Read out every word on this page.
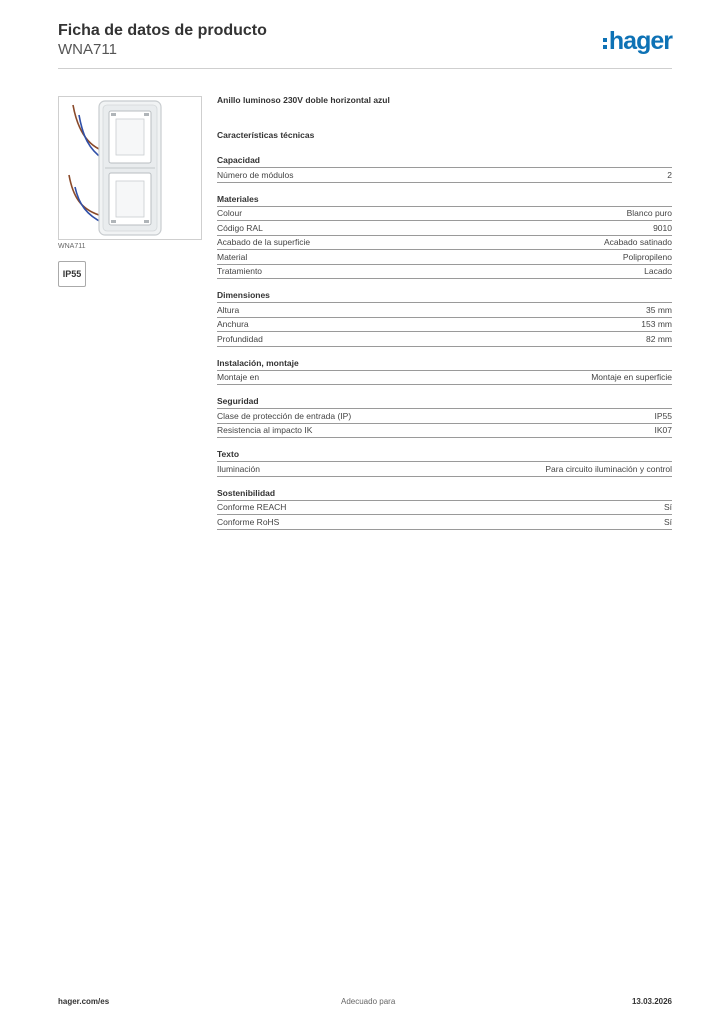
Ficha de datos de producto
WNA711	hager
WNA711
IP55
Anillo luminoso 230V doble horizontal azul
Características técnicas
Capacidad
Número de módulos	2
Materiales
Colour	Blanco puro
Código RAL	9010
Acabado de la superficie	Acabado satinado
Material	Polipropileno
Tratamiento	Lacado
Dimensiones
Altura	35 mm
Anchura	153 mm
Profundidad	82 mm
Instalación, montaje
Montaje en	Montaje en superficie
Seguridad
Clase de protección de entrada (IP)	IP55
Resistencia al impacto IK	IK07
Texto
Iluminación	Para circuito iluminación y control
Sostenibilidad
Conforme REACH	Sí
Conforme RoHS	Sí
hager.com/es	Adecuado para	13.03.2026
